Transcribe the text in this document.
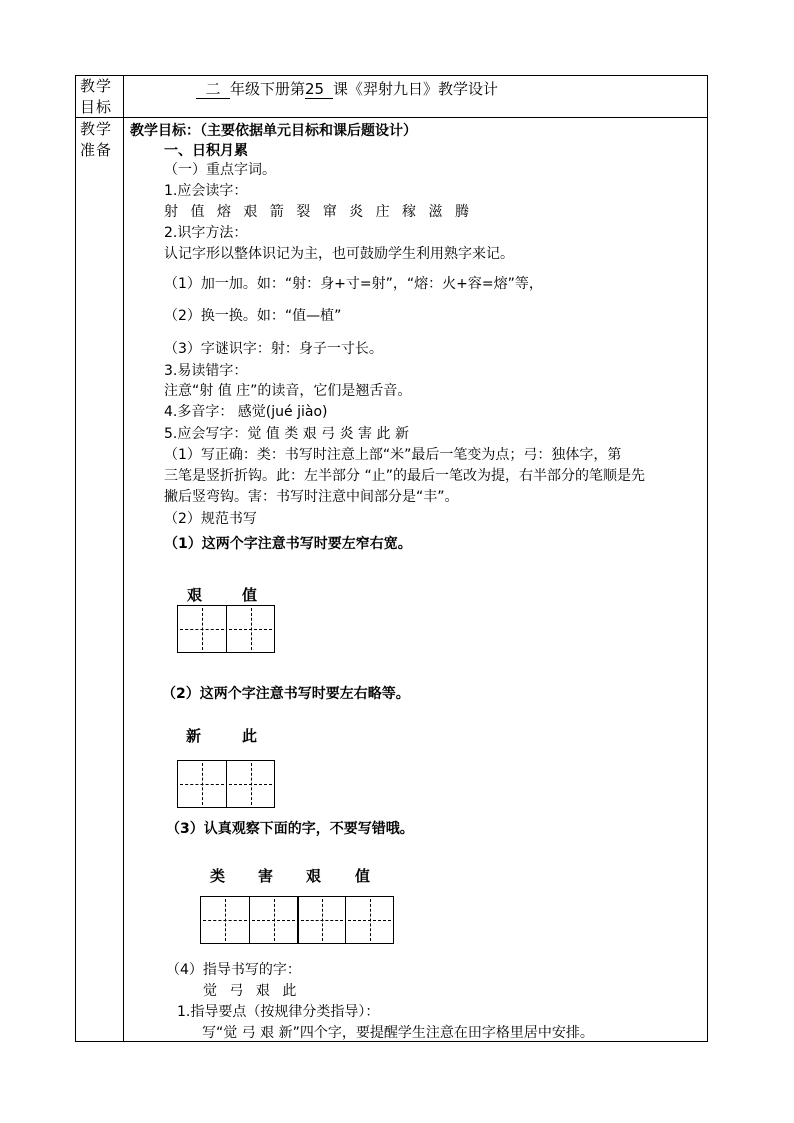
教学目标
教学准备
二 年级下册第25 课《羿射九日》教学设计
教学目标：（主要依据单元目标和课后题设计）
一、日积月累
（一）重点字词。
1.应会读字：
射 值 熔 艰 箭 裂 窜 炎 庄 稼 滋 腾
2.识字方法：
认记字形以整体识记为主，也可鼓励学生利用熟字来记。
（1）加一加。如：“射：身+寸=射”，“熔：火+容=熔”等，
（2）换一换。如：“值—植”
（3）字谜识字：射：身子一寸长。
3.易读错字：
注意“射 值 庄”的读音，它们是翘舌音。
4.多音字： 感觉(jué jiào)
5.应会写字：觉 值 类 艰 弓 炎 害 此 新
（1）写正确：类：书写时注意上部“米”最后一笔变为点；弓：独体字，第
三笔是竖折折钩。此：左半部分 “止”的最后一笔改为提，右半部分的笔顺是先
撇后竖弯钩。害：书写时注意中间部分是“丰”。
（2）规范书写
（1）这两个字注意书写时要左窄右宽。
艰	值
（2）这两个字注意书写时要左右略等。
新	此
（3）认真观察下面的字，不要写错哦。
类 害 艰 值
（4）指导书写的字：
觉 弓 艰 此
1.指导要点（按规律分类指导）：
写“觉 弓 艰 新”四个字，要提醒学生注意在田字格里居中安排。
